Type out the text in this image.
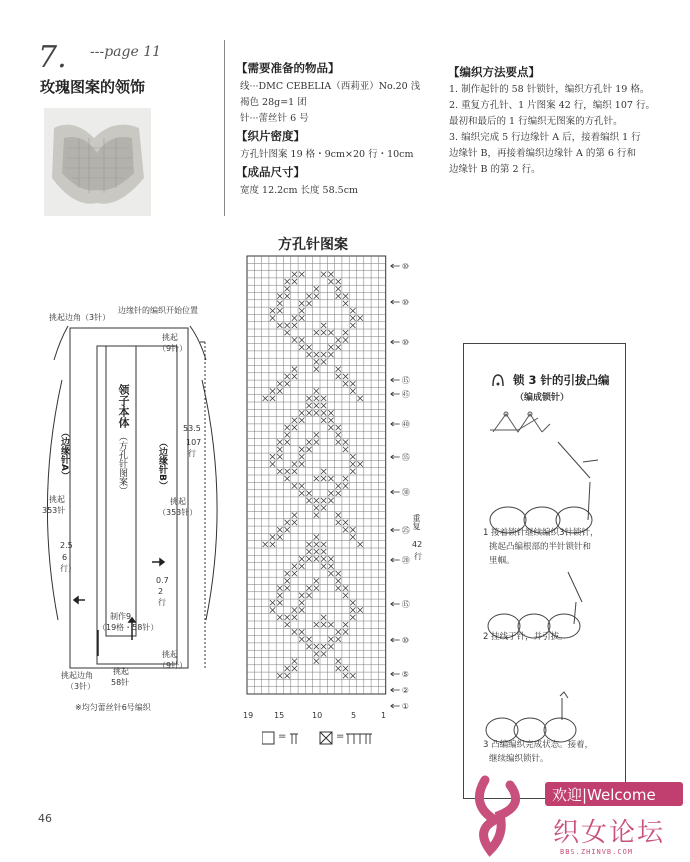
7. ---page 11
玫瑰图案的领饰
【需要准备的物品】
线···DMC CEBELIA（西莉亚）No.20 浅
褐色 28g=1 团
针···蕾丝针 6 号
【织片密度】
方孔针图案 19 格・9cm×20 行・10cm
【成品尺寸】
宽度 12.2cm 长度 58.5cm
【编织方法要点】
1. 制作起针的 58 针锁针，编织方孔针 19 格。
2. 重复方孔针、1 片图案 42 行，编织 107 行。
最初和最后的 1 行编织无图案的方孔针。
3. 编织完成 5 行边缘针 A 后，接着编织 1 行
边缘针 B，再接着编织边缘针 A 的第 6 行和
边缘针 B 的第 2 行。
方孔针图案
⑩
⑩
⑩
⑮
㊺
㊵
㉟
㉚
㉕
⑳
⑮
⑩
⑤
②
①
19	15	10	5	1
重复
42
行
=	=
挑起边角（3针）
边缘针的编织开始位置
挑起
（9针）
领子本体
（方孔针图案）
（边缘针A）	（边缘针B）
挑起
353针
挑起
（353针）
53.5
107
行
2.5
6
行）
0.7
2
行
制作9
（19格・58针）
挑起
（9针）
挑起边角
（3针）
挑起
58针
※均匀蕾丝针6号编织
锁 3 针的引拔凸编
（编成锁针）
1 接着锁针继续编织3针锁针，
挑起凸编根部的半针锁针和
里帼。
2 挂线于针，并引拔。
3 凸编编织完成状态。接着，
继续编织锁针。
46
欢迎|Welcome
织女论坛
BBS.ZHINVB.COM
